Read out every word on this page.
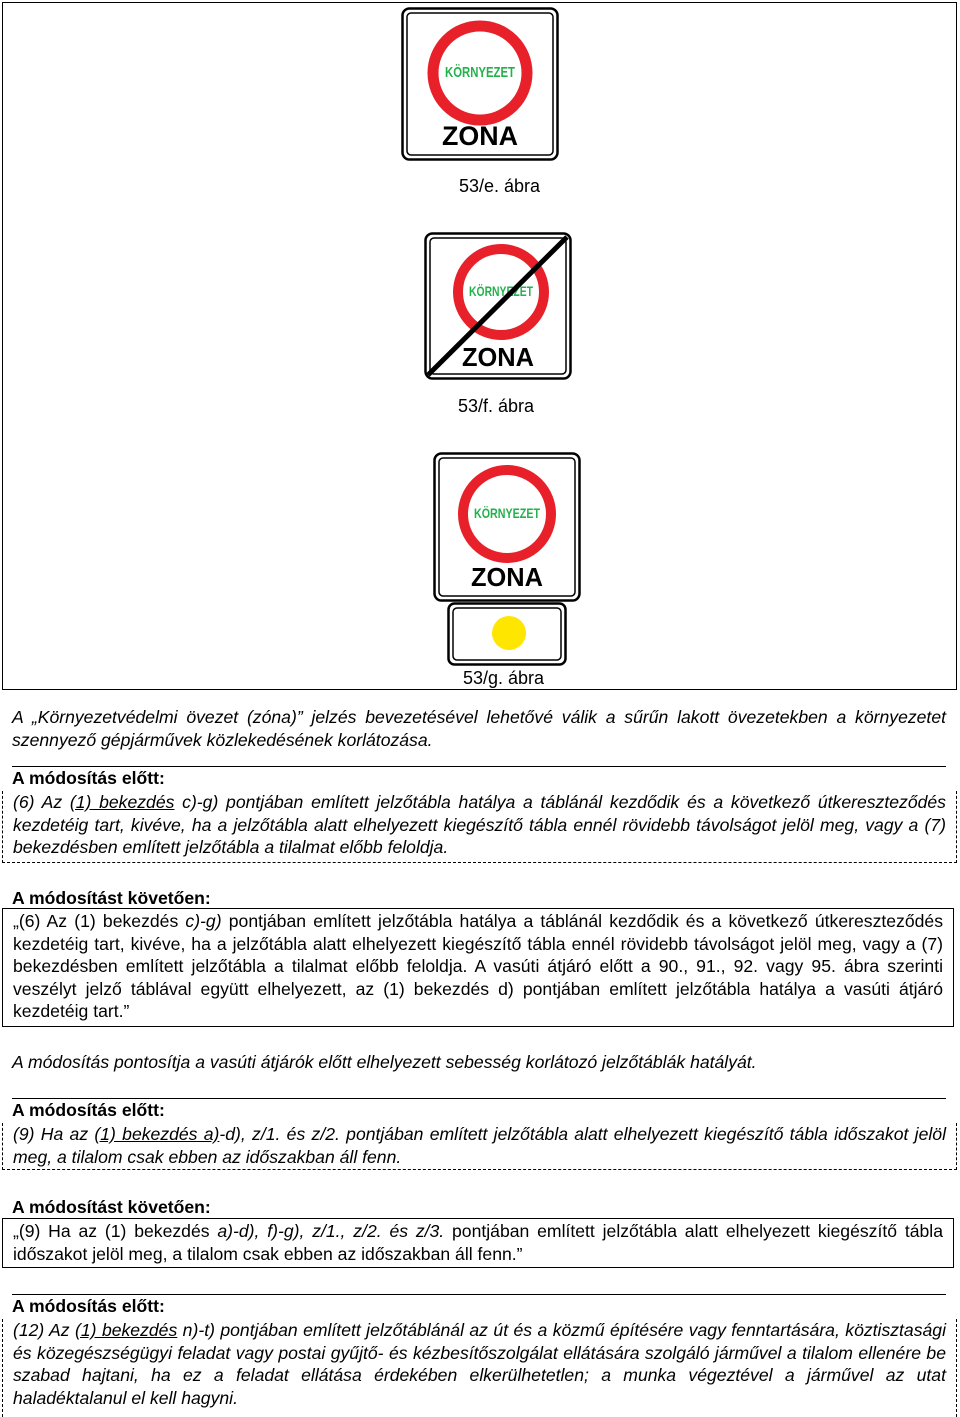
KÖRNYEZET
ZONA
53/e. ábra
KÖRNYEZET
ZONA
53/f. ábra
KÖRNYEZET
ZONA
53/g. ábra
A „Környezetvédelmi övezet (zóna)” jelzés bevezetésével lehetővé válik a sűrűn lakott övezetekben a környezetet szennyező gépjárművek közlekedésének korlátozása.
A módosítás előtt:
(6) Az (1) bekezdés c)-g) pontjában említett jelzőtábla hatálya a táblánál kezdődik és a következő útkereszteződés kezdetéig tart, kivéve, ha a jelzőtábla alatt elhelyezett kiegészítő tábla ennél rövidebb távolságot jelöl meg, vagy a (7) bekezdésben említett jelzőtábla a tilalmat előbb feloldja.
A módosítást követően:
„(6) Az (1) bekezdés c)-g) pontjában említett jelzőtábla hatálya a táblánál kezdődik és a következő útkereszteződés kezdetéig tart, kivéve, ha a jelzőtábla alatt elhelyezett kiegészítő tábla ennél rövidebb távolságot jelöl meg, vagy a (7) bekezdésben említett jelzőtábla a tilalmat előbb feloldja. A vasúti átjáró előtt a 90., 91., 92. vagy 95. ábra szerinti veszélyt jelző táblával együtt elhelyezett, az (1) bekezdés d) pontjában említett jelzőtábla hatálya a vasúti átjáró kezdetéig tart.”
A módosítás pontosítja a vasúti átjárók előtt elhelyezett sebesség korlátozó jelzőtáblák hatályát.
A módosítás előtt:
(9) Ha az (1) bekezdés a)-d), z/1. és z/2. pontjában említett jelzőtábla alatt elhelyezett kiegészítő tábla időszakot jelöl meg, a tilalom csak ebben az időszakban áll fenn.
A módosítást követően:
„(9) Ha az (1) bekezdés a)-d), f)-g), z/1., z/2. és z/3. pontjában említett jelzőtábla alatt elhelyezett kiegészítő tábla időszakot jelöl meg, a tilalom csak ebben az időszakban áll fenn.”
A módosítás előtt:
(12) Az (1) bekezdés n)-t) pontjában említett jelzőtáblánál az út és a közmű építésére vagy fenntartására, köztisztasági és közegészségügyi feladat vagy postai gyűjtő- és kézbesítőszolgálat ellátására szolgáló járművel a tilalom ellenére be szabad hajtani, ha ez a feladat ellátása érdekében elkerülhetetlen; a munka végeztével a járművel az utat haladéktalanul el kell hagyni.
